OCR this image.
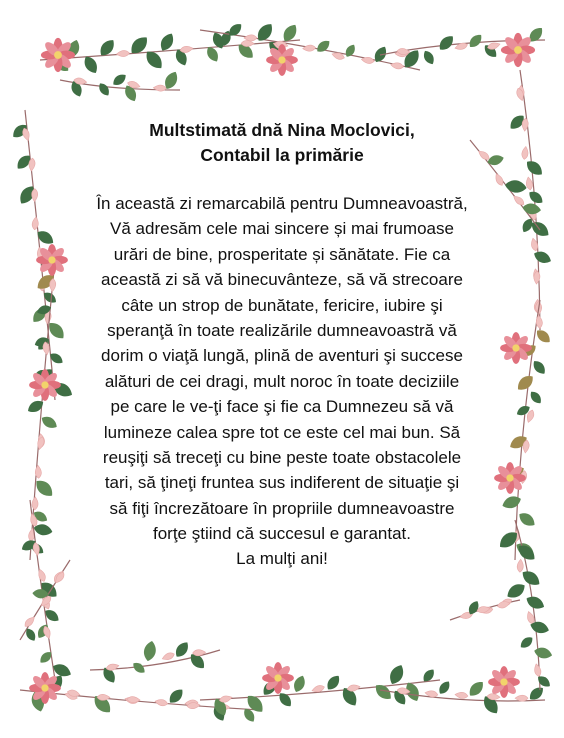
Multstimată dnă Nina Moclovici,

Contabil la primărie

În această zi remarcabilă pentru Dumneavoastră, Vă adresăm cele mai sincere și mai frumoase urări de bine, prosperitate și sănătate. Fie ca această zi să vă binecuvânteze, să vă strecoare câte un strop de bunătate, fericire, iubire şi speranţă în toate realizările dumneavoastră vă dorim o viaţă lungă, plină de aventuri şi succese alături de cei dragi, mult noroc în toate deciziile pe care le ve-ţi face şi fie ca Dumnezeu să vă lumineze calea spre tot ce este cel mai bun. Să reuşiţi să treceţi cu bine peste toate obstacolele tari, să ţineţi fruntea sus indiferent de situaţie şi să fiţi încrezătoare în propriile dumneavoastre forţe ştiind că succesul e garantat.
La mulţi ani!
